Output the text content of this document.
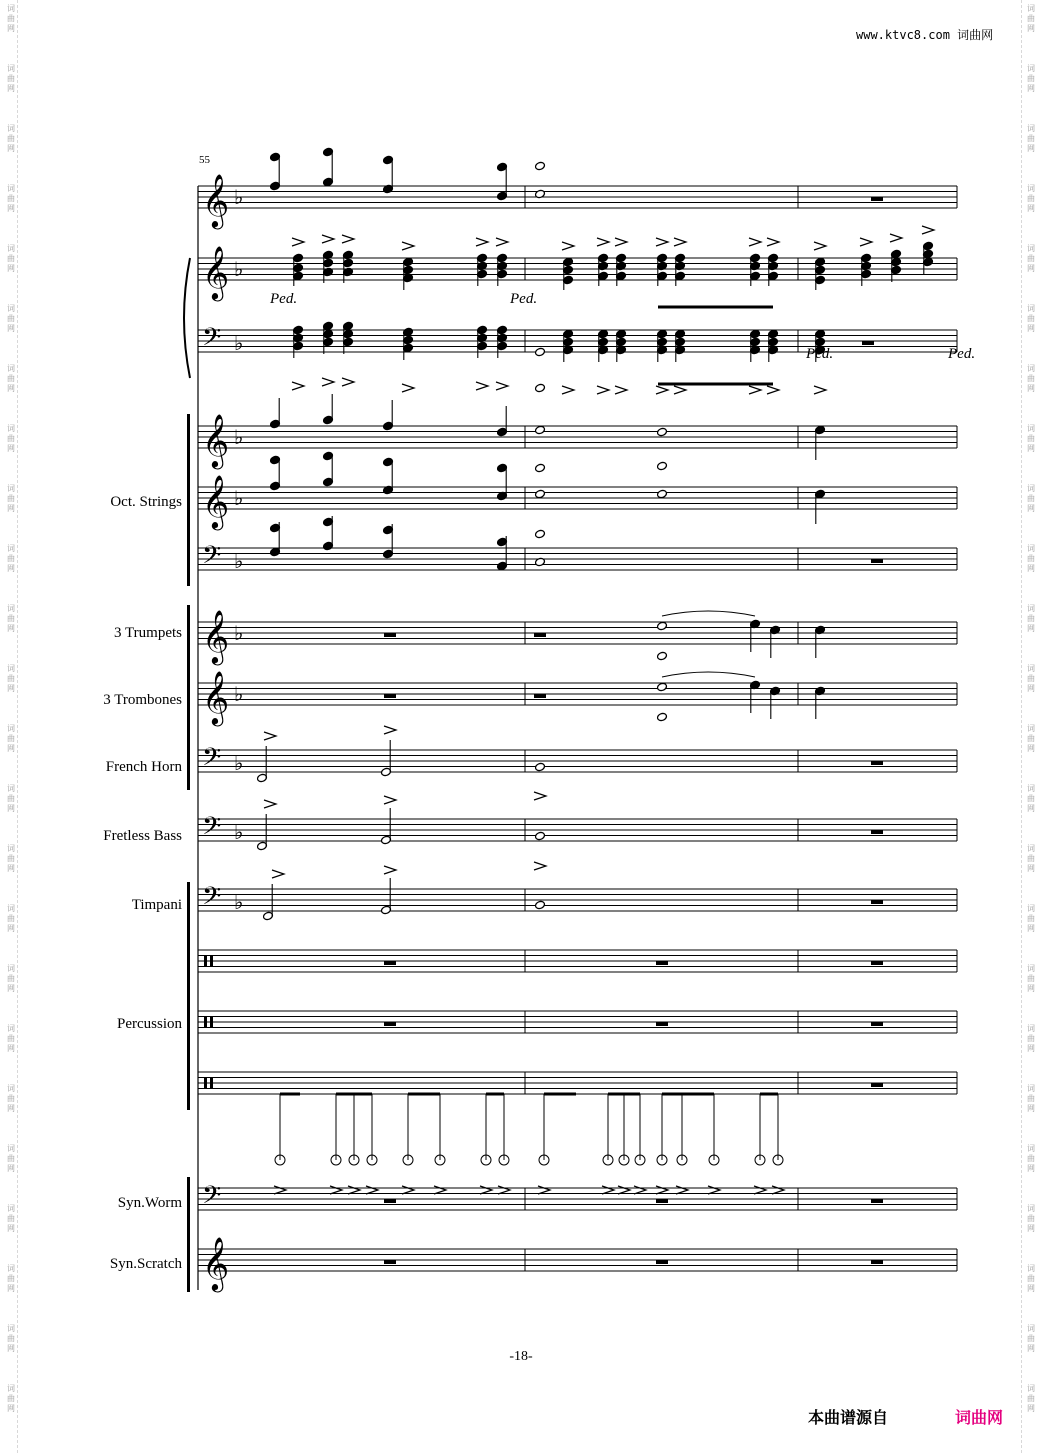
词
曲
网
词
曲
网
词
曲
网
词
曲
网
词
曲
网
词
曲
网
词
曲
网
词
曲
网
词
曲
网
词
曲
网
词
曲
网
词
曲
网
词
曲
网
词
曲
网
词
曲
网
词
曲
网
词
曲
网
词
曲
网
词
曲
网
词
曲
网
词
曲
网
词
曲
网
词
曲
网
词
曲
网
词
曲
网
词
曲
网
词
曲
网
词
曲
网
词
曲
网
词
曲
网
词
曲
网
词
曲
网
词
曲
网
词
曲
网
词
曲
网
词
曲
网
词
曲
网
词
曲
网
词
曲
网
词
曲
网
词
曲
网
词
曲
网
词
曲
网
词
曲
网
词
曲
网
词
曲
网
词
曲
网
词
曲
网
www.ktvc8.com 词曲网
55
𝄞 ♭
𝄞 ♭
𝄢 ♭
Ped.	Ped.
Ped.	Ped.
𝄞 ♭
𝄞 ♭
𝄢 ♭
𝄞 ♭
𝄞 ♭
𝄢 ♭
𝄢 ♭
𝄢 ♭
𝄢
𝄞
Oct. Strings
3 Trumpets
3 Trombones
French Horn
Fretless Bass
Timpani
Percussion
Syn.Worm
Syn.Scratch
-18-
本曲谱源自	词曲网
